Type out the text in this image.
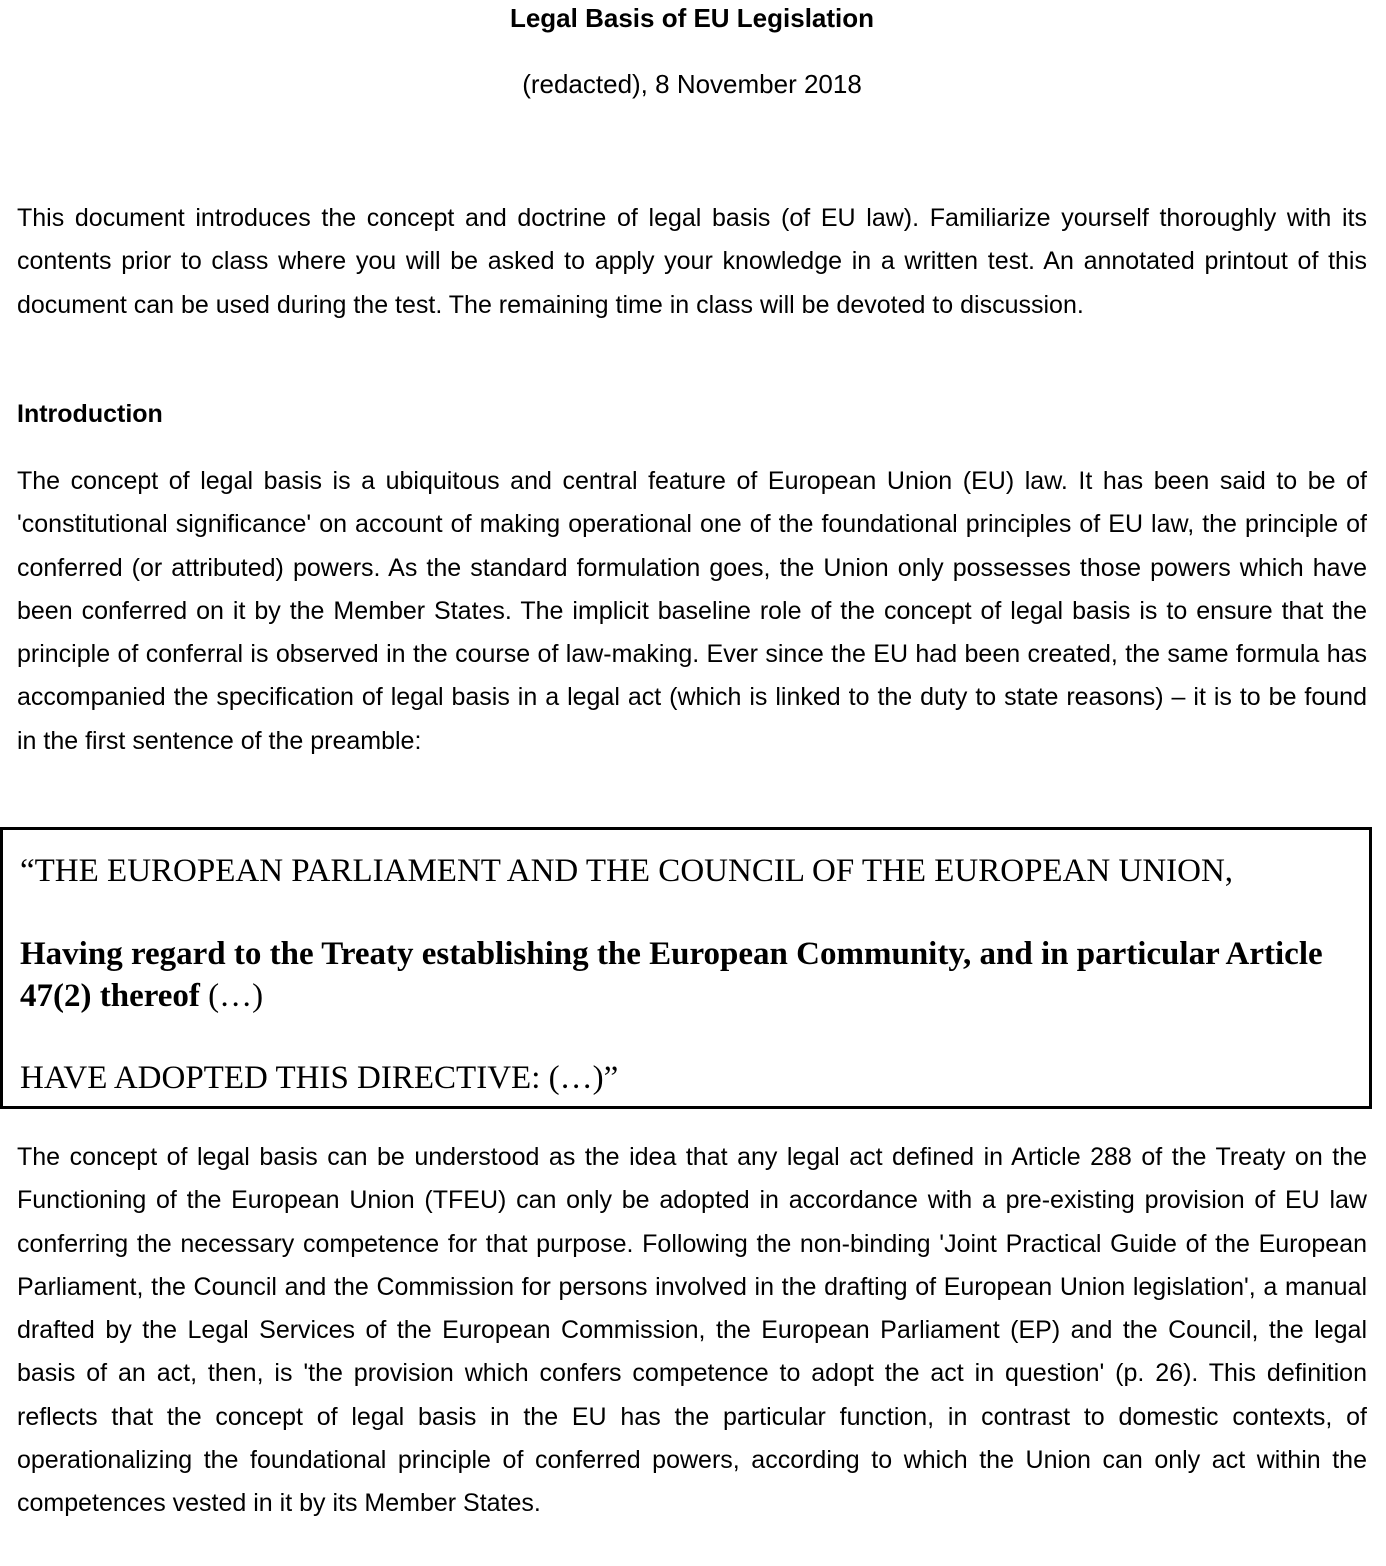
Legal Basis of EU Legislation
(redacted), 8 November 2018

This document introduces the concept and doctrine of legal basis (of EU law). Familiarize yourself thoroughly with its contents prior to class where you will be asked to apply your knowledge in a written test. An annotated printout of this document can be used during the test. The remaining time in class will be devoted to discussion.

Introduction

The concept of legal basis is a ubiquitous and central feature of European Union (EU) law. It has been said to be of 'constitutional significance' on account of making operational one of the foundational principles of EU law, the principle of conferred (or attributed) powers. As the standard formulation goes, the Union only possesses those powers which have been conferred on it by the Member States. The implicit baseline role of the concept of legal basis is to ensure that the principle of conferral is observed in the course of law-making. Ever since the EU had been created, the same formula has accompanied the specification of legal basis in a legal act (which is linked to the duty to state reasons) – it is to be found in the first sentence of the preamble:

“THE EUROPEAN PARLIAMENT AND THE COUNCIL OF THE EUROPEAN UNION,
Having regard to the Treaty establishing the European Community, and in particular Article 47(2) thereof (…)
HAVE ADOPTED THIS DIRECTIVE: (…)”

The concept of legal basis can be understood as the idea that any legal act defined in Article 288 of the Treaty on the Functioning of the European Union (TFEU) can only be adopted in accordance with a pre-existing provision of EU law conferring the necessary competence for that purpose. Following the non-binding 'Joint Practical Guide of the European Parliament, the Council and the Commission for persons involved in the drafting of European Union legislation', a manual drafted by the Legal Services of the European Commission, the European Parliament (EP) and the Council, the legal basis of an act, then, is 'the provision which confers competence to adopt the act in question' (p. 26). This definition reflects that the concept of legal basis in the EU has the particular function, in contrast to domestic contexts, of operationalizing the foundational principle of conferred powers, according to which the Union can only act within the competences vested in it by its Member States.
